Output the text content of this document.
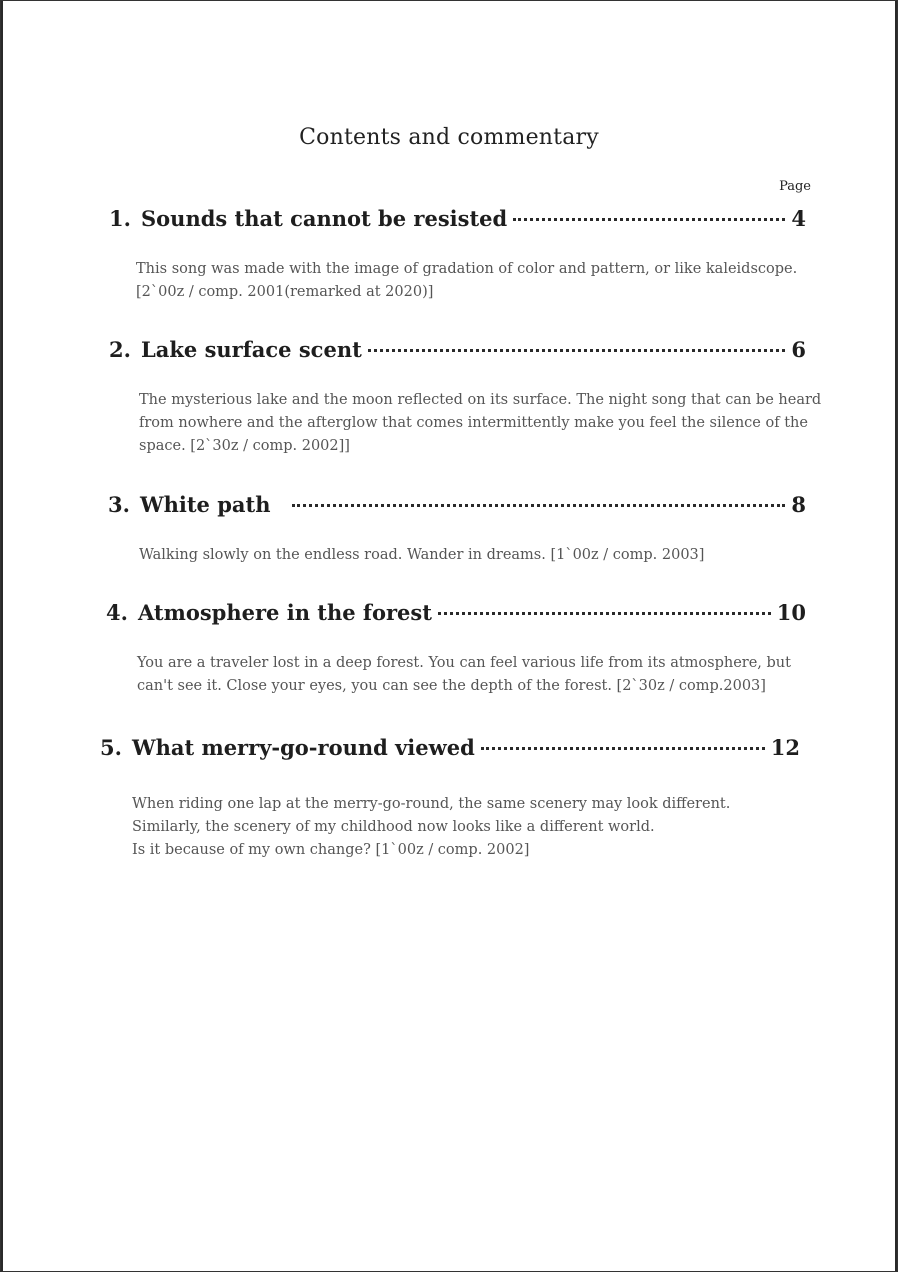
Contents and commentary
Page
1. Sounds that cannot be resisted	4
This song was made with the image of gradation of color and pattern, or like kaleidscope.
[2`00z / comp. 2001(remarked at 2020)]
2. Lake surface scent	6
The mysterious lake and the moon reflected on its surface. The night song that can be heard
from nowhere and the afterglow that comes intermittently make you feel the silence of the
space. [2`30z / comp. 2002]]
3. White path	8
Walking slowly on the endless road. Wander in dreams. [1`00z / comp. 2003]
4. Atmosphere in the forest	10
You are a traveler lost in a deep forest. You can feel various life from its atmosphere, but
can't see it. Close your eyes, you can see the depth of the forest. [2`30z / comp.2003]
5. What merry-go-round viewed	12
When riding one lap at the merry-go-round, the same scenery may look different.
Similarly, the scenery of my childhood now looks like a different world.
Is it because of my own change? [1`00z / comp. 2002]
